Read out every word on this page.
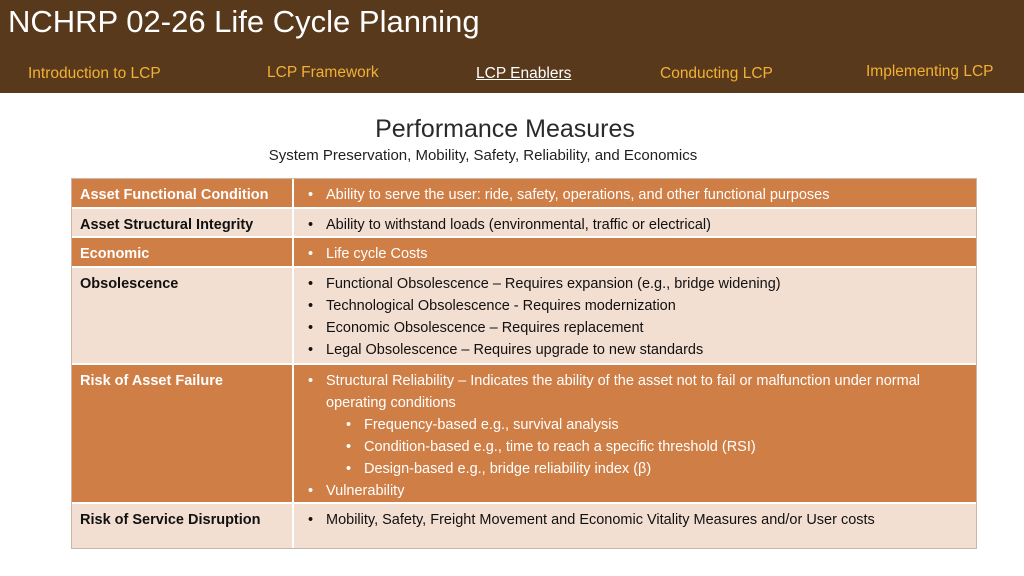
NCHRP 02-26 Life Cycle Planning
Introduction to LCP	LCP Framework	LCP Enablers	Conducting LCP	Implementing LCP
Performance Measures
System Preservation, Mobility, Safety, Reliability, and Economics
Asset Functional Condition	• Ability to serve the user: ride, safety, operations, and other functional purposes
Asset Structural Integrity	• Ability to withstand loads (environmental, traffic or electrical)
Economic	• Life cycle Costs
Obsolescence	• Functional Obsolescence – Requires expansion (e.g., bridge widening)
• Technological Obsolescence - Requires modernization
• Economic Obsolescence – Requires replacement
• Legal Obsolescence – Requires upgrade to new standards
Risk of Asset Failure	• Structural Reliability – Indicates the ability of the asset not to fail or malfunction under normal operating conditions
• Frequency-based e.g., survival analysis
• Condition-based e.g., time to reach a specific threshold (RSI)
• Design-based e.g., bridge reliability index (β)
• Vulnerability
Risk of Service Disruption	• Mobility, Safety, Freight Movement and Economic Vitality Measures and/or User costs
